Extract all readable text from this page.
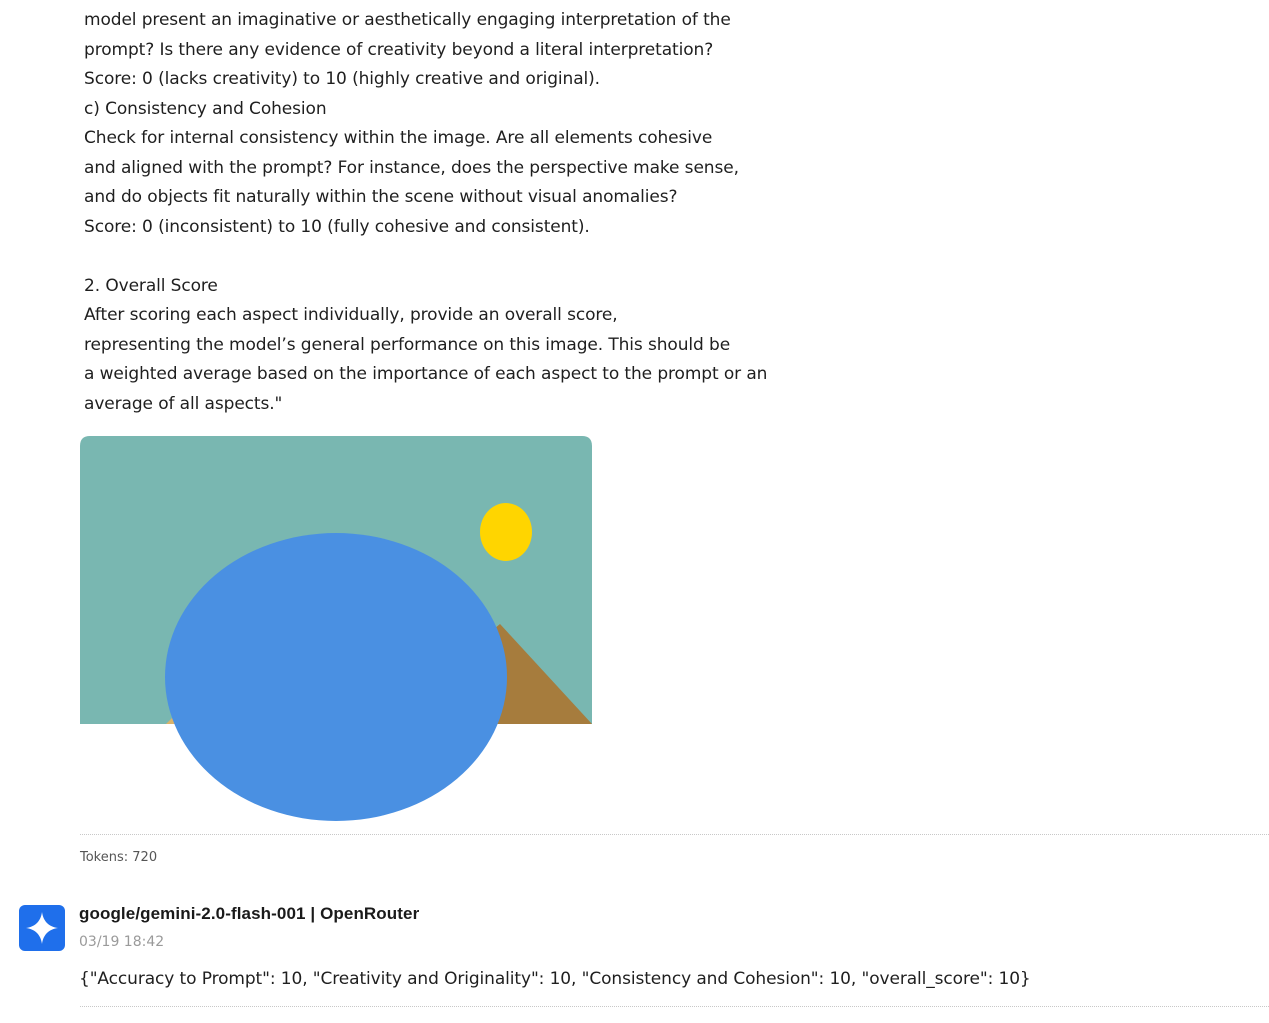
model present an imaginative or aesthetically engaging interpretation of the
prompt? Is there any evidence of creativity beyond a literal interpretation?
Score: 0 (lacks creativity) to 10 (highly creative and original).
c) Consistency and Cohesion
Check for internal consistency within the image. Are all elements cohesive
and aligned with the prompt? For instance, does the perspective make sense,
and do objects fit naturally within the scene without visual anomalies?
Score: 0 (inconsistent) to 10 (fully cohesive and consistent).
2. Overall Score
After scoring each aspect individually, provide an overall score,
representing the model’s general performance on this image. This should be
a weighted average based on the importance of each aspect to the prompt or an
average of all aspects."
Tokens: 720
google/gemini-2.0-flash-001 | OpenRouter
03/19 18:42
{"Accuracy to Prompt": 10, "Creativity and Originality": 10, "Consistency and Cohesion": 10, "overall_score": 10}
